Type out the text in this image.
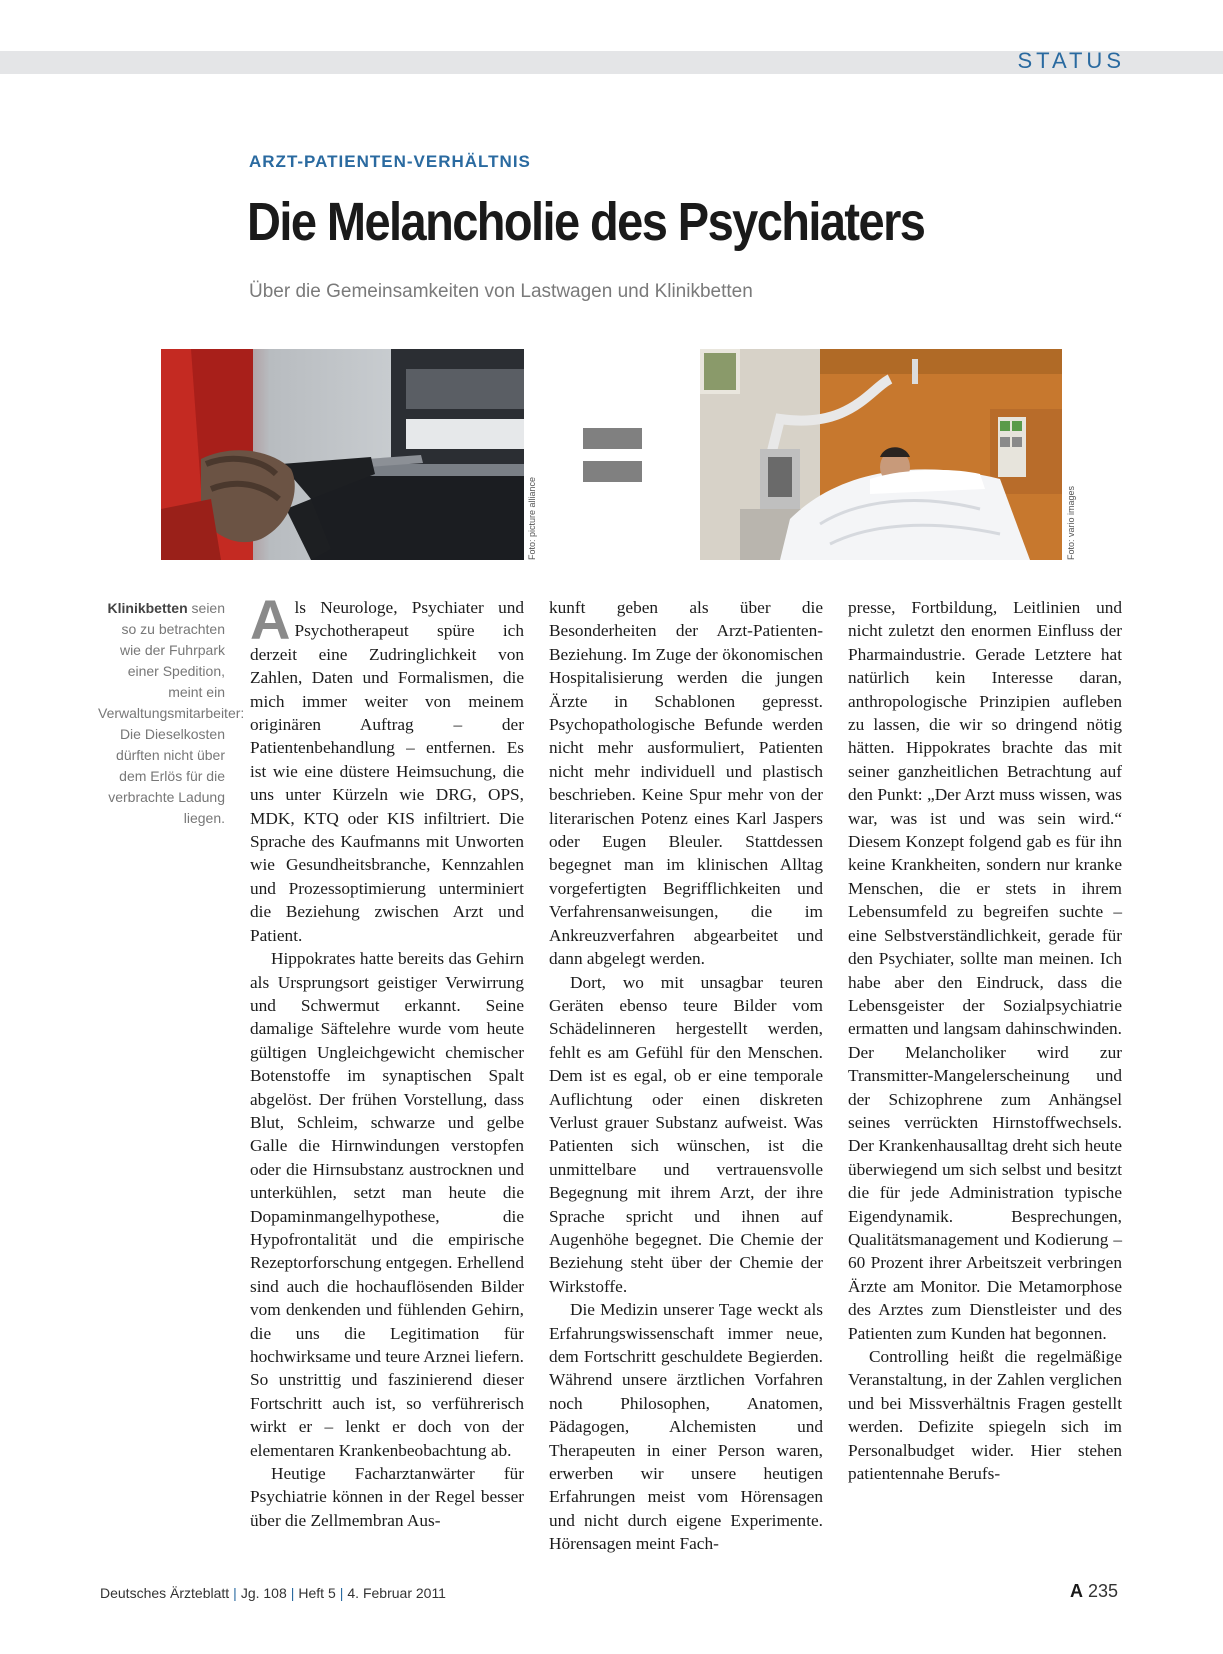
STATUS
ARZT-PATIENTEN-VERHÄLTNIS
Die Melancholie des Psychiaters
Über die Gemeinsamkeiten von Lastwagen und Klinikbetten
Foto: picture alliance	Foto: vario images
Klinikbetten seien so zu betrachten wie der Fuhrpark einer Spedition, meint ein Verwaltungsmitarbeiter: Die Dieselkosten dürften nicht über dem Erlös für die verbrachte Ladung liegen.

Als Neurologe, Psychiater und Psychotherapeut spüre ich derzeit eine Zudringlichkeit von Zahlen, Daten und Formalismen, die mich immer weiter von meinem originären Auftrag – der Patientenbehandlung – entfernen. Es ist wie eine düstere Heimsuchung, die uns unter Kürzeln wie DRG, OPS, MDK, KTQ oder KIS infiltriert. Die Sprache des Kaufmanns mit Unworten wie Gesundheitsbranche, Kennzahlen und Prozessoptimierung unterminiert die Beziehung zwischen Arzt und Patient.

Hippokrates hatte bereits das Gehirn als Ursprungsort geistiger Verwirrung und Schwermut erkannt. Seine damalige Säftelehre wurde vom heute gültigen Ungleichgewicht chemischer Botenstoffe im synaptischen Spalt abgelöst. Der frühen Vorstellung, dass Blut, Schleim, schwarze und gelbe Galle die Hirnwindungen verstopfen oder die Hirnsubstanz austrocknen und unterkühlen, setzt man heute die Dopaminmangelhypothese, die Hypofrontalität und die empirische Rezeptorforschung entgegen. Erhellend sind auch die hochauflösenden Bilder vom denkenden und fühlenden Gehirn, die uns die Legitimation für hochwirksame und teure Arznei liefern. So unstrittig und faszinierend dieser Fortschritt auch ist, so verführerisch wirkt er – lenkt er doch von der elementaren Krankenbeobachtung ab.

Heutige Facharztanwärter für Psychiatrie können in der Regel besser über die Zellmembran Aus-

kunft geben als über die Besonderheiten der Arzt-Patienten-Beziehung. Im Zuge der ökonomischen Hospitalisierung werden die jungen Ärzte in Schablonen gepresst. Psychopathologische Befunde werden nicht mehr ausformuliert, Patienten nicht mehr individuell und plastisch beschrieben. Keine Spur mehr von der literarischen Potenz eines Karl Jaspers oder Eugen Bleuler. Stattdessen begegnet man im klinischen Alltag vorgefertigten Begrifflichkeiten und Verfahrensanweisungen, die im Ankreuzverfahren abgearbeitet und dann abgelegt werden.

Dort, wo mit unsagbar teuren Geräten ebenso teure Bilder vom Schädelinneren hergestellt werden, fehlt es am Gefühl für den Menschen. Dem ist es egal, ob er eine temporale Auflichtung oder einen diskreten Verlust grauer Substanz aufweist. Was Patienten sich wünschen, ist die unmittelbare und vertrauensvolle Begegnung mit ihrem Arzt, der ihre Sprache spricht und ihnen auf Augenhöhe begegnet. Die Chemie der Beziehung steht über der Chemie der Wirkstoffe.

Die Medizin unserer Tage weckt als Erfahrungswissenschaft immer neue, dem Fortschritt geschuldete Begierden. Während unsere ärztlichen Vorfahren noch Philosophen, Anatomen, Pädagogen, Alchemisten und Therapeuten in einer Person waren, erwerben wir unsere heutigen Erfahrungen meist vom Hörensagen und nicht durch eigene Experimente. Hörensagen meint Fach-

presse, Fortbildung, Leitlinien und nicht zuletzt den enormen Einfluss der Pharmaindustrie. Gerade Letztere hat natürlich kein Interesse daran, anthropologische Prinzipien aufleben zu lassen, die wir so dringend nötig hätten. Hippokrates brachte das mit seiner ganzheitlichen Betrachtung auf den Punkt: „Der Arzt muss wissen, was war, was ist und was sein wird.“ Diesem Konzept folgend gab es für ihn keine Krankheiten, sondern nur kranke Menschen, die er stets in ihrem Lebensumfeld zu begreifen suchte – eine Selbstverständlichkeit, gerade für den Psychiater, sollte man meinen. Ich habe aber den Eindruck, dass die Lebensgeister der Sozialpsychiatrie ermatten und langsam dahinschwinden. Der Melancholiker wird zur Transmitter-Mangelerscheinung und der Schizophrene zum Anhängsel seines verrückten Hirnstoffwechsels. Der Krankenhausalltag dreht sich heute überwiegend um sich selbst und besitzt die für jede Administration typische Eigendynamik. Besprechungen, Qualitätsmanagement und Kodierung – 60 Prozent ihrer Arbeitszeit verbringen Ärzte am Monitor. Die Metamorphose des Arztes zum Dienstleister und des Patienten zum Kunden hat begonnen.

Controlling heißt die regelmäßige Veranstaltung, in der Zahlen verglichen und bei Missverhältnis Fragen gestellt werden. Defizite spiegeln sich im Personalbudget wider. Hier stehen patientennahe Berufs-

Deutsches Ärzteblatt | Jg. 108 | Heft 5 | 4. Februar 2011	A 235
